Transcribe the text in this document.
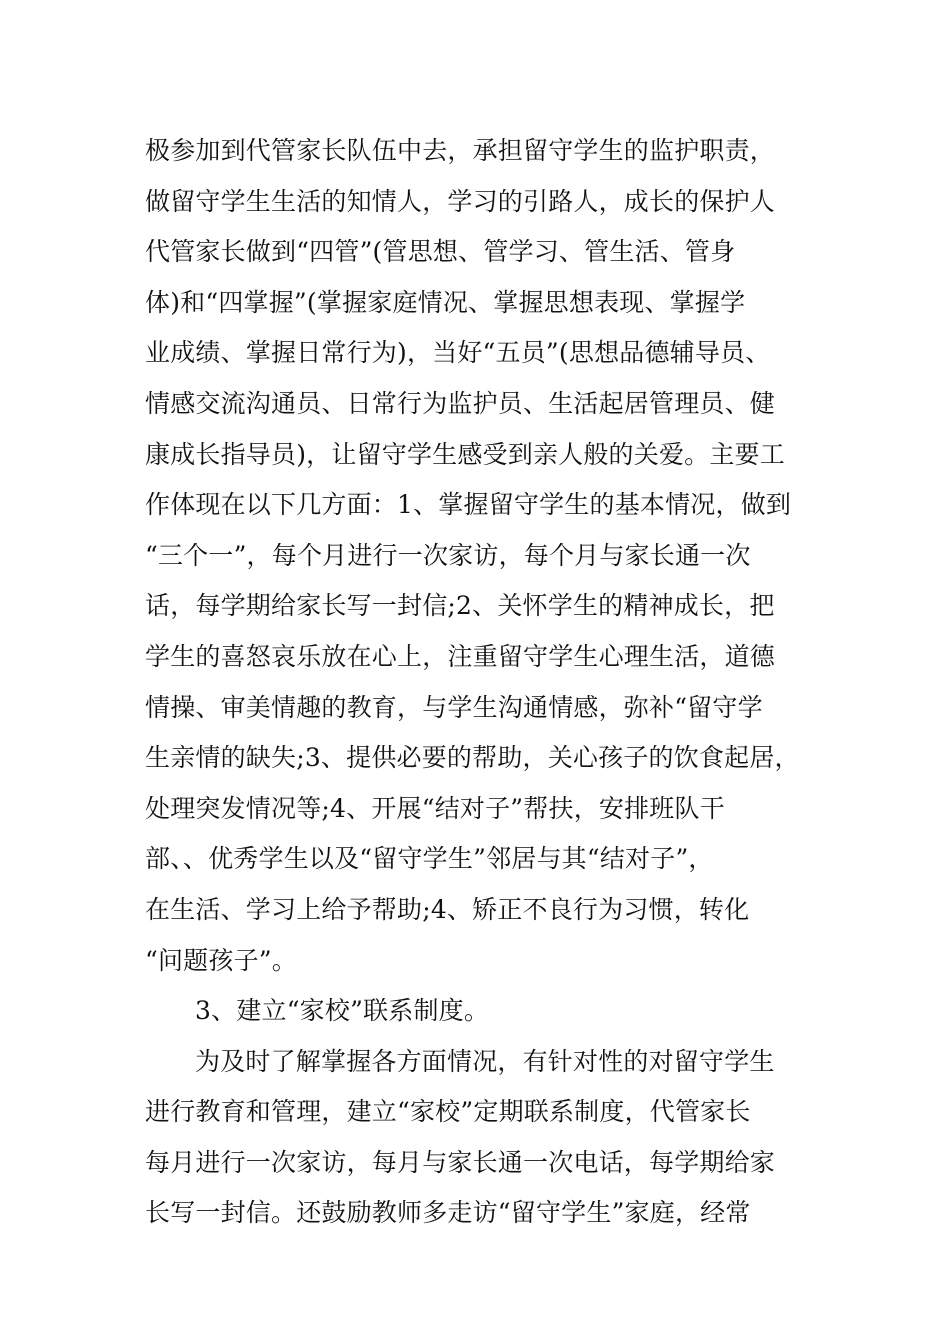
极参加到代管家长队伍中去，承担留守学生的监护职责，
做留守学生生活的知情人，学习的引路人，成长的保护人
代管家长做到“四管”(管思想、管学习、管生活、管身
体)和“四掌握”(掌握家庭情况、掌握思想表现、掌握学
业成绩、掌握日常行为)，当好“五员”(思想品德辅导员、
情感交流沟通员、日常行为监护员、生活起居管理员、健
康成长指导员)，让留守学生感受到亲人般的关爱。主要工
作体现在以下几方面：1、掌握留守学生的基本情况，做到
“三个一”，每个月进行一次家访，每个月与家长通一次
话，每学期给家长写一封信;2、关怀学生的精神成长，把
学生的喜怒哀乐放在心上，注重留守学生心理生活，道德
情操、审美情趣的教育，与学生沟通情感，弥补“留守学
生亲情的缺失;3、提供必要的帮助，关心孩子的饮食起居，
处理突发情况等;4、开展“结对子”帮扶，安排班队干
部、、优秀学生以及“留守学生”邻居与其“结对子”，
在生活、学习上给予帮助;4、矫正不良行为习惯，转化
“问题孩子”。
3、建立“家校”联系制度。
为及时了解掌握各方面情况，有针对性的对留守学生
进行教育和管理，建立“家校”定期联系制度，代管家长
每月进行一次家访，每月与家长通一次电话，每学期给家
长写一封信。还鼓励教师多走访“留守学生”家庭，经常
